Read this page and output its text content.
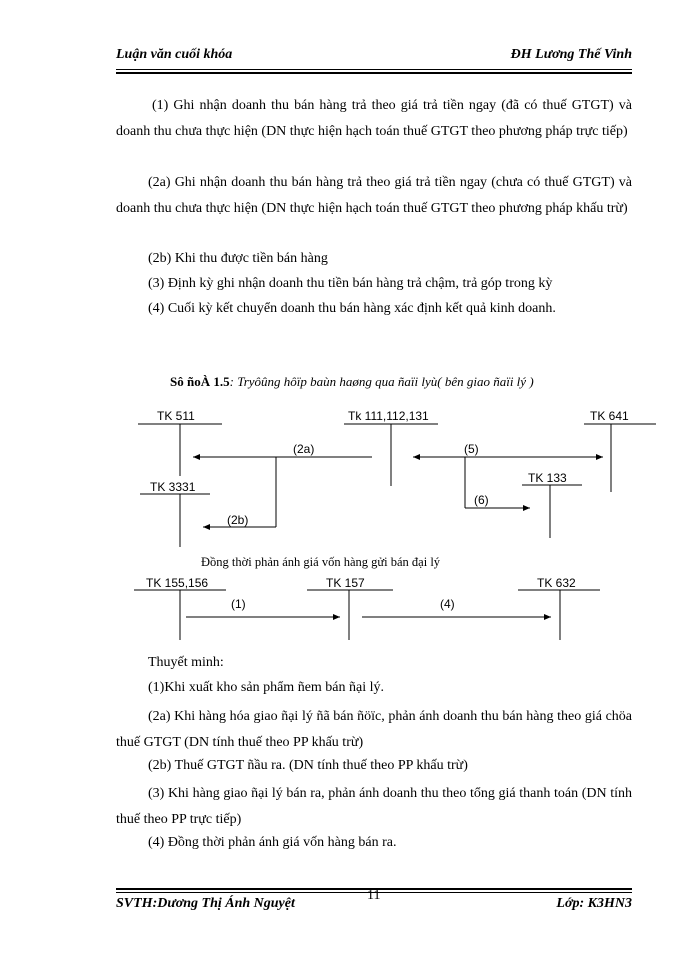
Luận văn cuối khóa	ĐH Lương Thế Vinh
(1) Ghi nhận doanh thu bán hàng trả theo giá trả tiền ngay (đã có thuế GTGT) và doanh thu chưa thực hiện (DN thực hiện hạch toán thuế GTGT theo phương pháp trực tiếp)
(2a) Ghi nhận doanh thu bán hàng trả theo giá trả tiền ngay (chưa có thuế GTGT) và doanh thu chưa thực hiện (DN thực hiện hạch toán thuế GTGT theo phương pháp khấu trừ)
(2b) Khi thu được tiền bán hàng
(3) Định kỳ ghi nhận doanh thu tiền bán hàng trả chậm, trả góp trong kỳ
(4) Cuối kỳ kết chuyển doanh thu bán hàng xác định kết quả kinh doanh.
Sô ñoÀ 1.5: Tryôûng hôïp baùn haøng qua ñaïi lyù( bên giao ñaïi lý )
TK 511	Tk 111,112,131	TK 641
TK 3331
TK 133
(2a)
(2b)
(5)
(6)
Đồng thời phản ánh giá vốn hàng gửi bán đại lý
TK 155,156	TK 157	TK 632
(1)	(4)
Thuyết minh:
(1)Khi xuất kho sản phẩm ñem bán ñại lý.
(2a) Khi hàng hóa giao ñại lý ñã bán ñöïc, phản ánh doanh thu bán hàng theo giá chöa thuế GTGT (DN tính thuế theo PP khấu trừ)
(2b) Thuế GTGT ñầu ra. (DN tính thuế theo PP khấu trừ)
(3) Khi hàng giao ñại lý bán ra, phản ánh doanh thu theo tổng giá thanh toán (DN tính thuế theo PP trực tiếp)
(4) Đồng thời phản ánh giá vốn hàng bán ra.
SVTH:Dương Thị Ánh Nguyệt
11
Lớp: K3HN3
